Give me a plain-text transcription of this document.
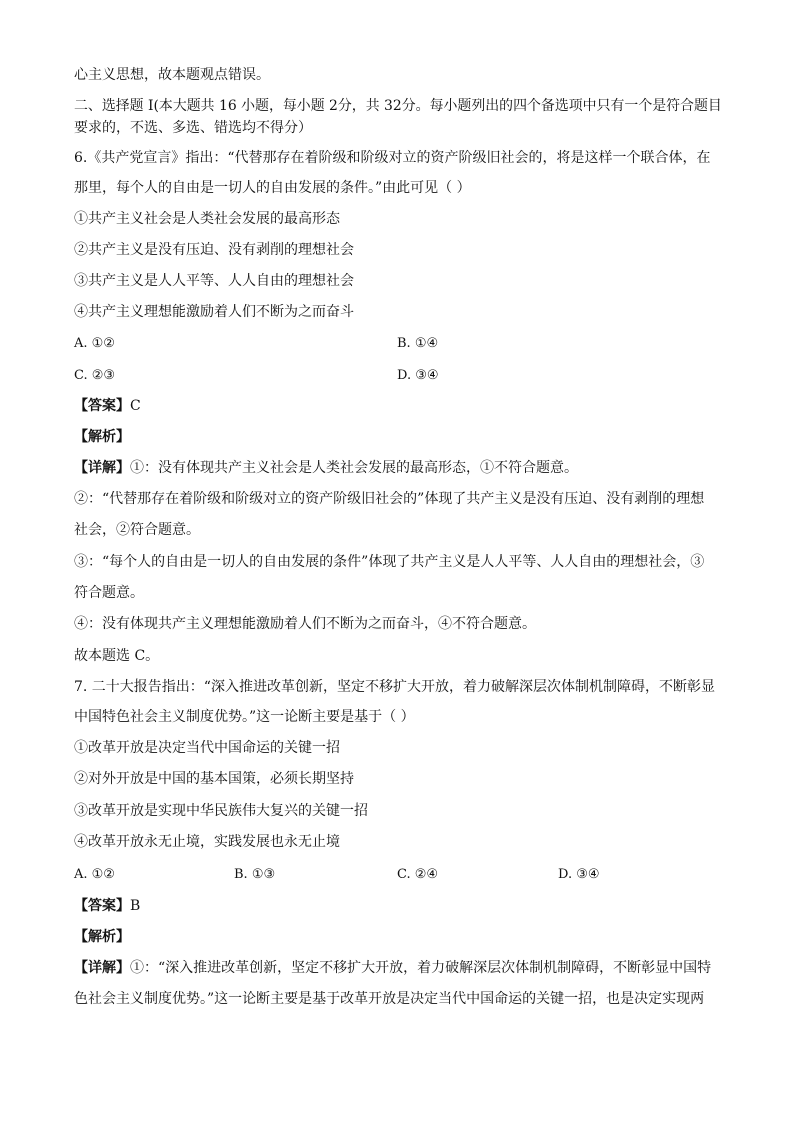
心主义思想，故本题观点错误。
二、选择题 I(本大题共 16 小题，每小题 2分，共 32分。每小题列出的四个备选项中只有一个是符合题目
要求的，不选、多选、错选均不得分）
6.《共产党宣言》指出：“代替那存在着阶级和阶级对立的资产阶级旧社会的，将是这样一个联合体，在
那里，每个人的自由是一切人的自由发展的条件。”由此可见（ ）
①共产主义社会是人类社会发展的最高形态
②共产主义是没有压迫、没有剥削的理想社会
③共产主义是人人平等、人人自由的理想社会
④共产主义理想能激励着人们不断为之而奋斗
A. ①②	B. ①④
C. ②③	D. ③④
【答案】C
【解析】
【详解】①：没有体现共产主义社会是人类社会发展的最高形态，①不符合题意。
②：“代替那存在着阶级和阶级对立的资产阶级旧社会的”体现了共产主义是没有压迫、没有剥削的理想
社会，②符合题意。
③：“每个人的自由是一切人的自由发展的条件”体现了共产主义是人人平等、人人自由的理想社会，③
符合题意。
④：没有体现共产主义理想能激励着人们不断为之而奋斗，④不符合题意。
故本题选 C。
7. 二十大报告指出：“深入推进改革创新，坚定不移扩大开放，着力破解深层次体制机制障碍，不断彰显
中国特色社会主义制度优势。”这一论断主要是基于（ ）
①改革开放是决定当代中国命运的关键一招
②对外开放是中国的基本国策，必须长期坚持
③改革开放是实现中华民族伟大复兴的关键一招
④改革开放永无止境，实践发展也永无止境
A. ①②	B. ①③	C. ②④	D. ③④
【答案】B
【解析】
【详解】①：“深入推进改革创新，坚定不移扩大开放，着力破解深层次体制机制障碍，不断彰显中国特
色社会主义制度优势。”这一论断主要是基于改革开放是决定当代中国命运的关键一招，也是决定实现两
